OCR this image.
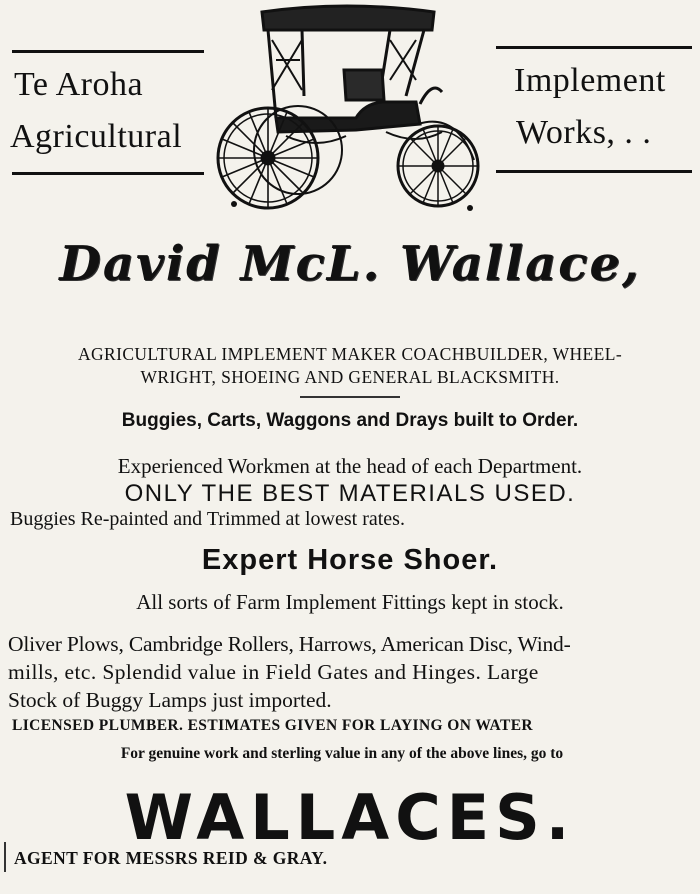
Te Aroha
Agricultural
Implement
Works, . .
David McL. Wallace,
AGRICULTURAL IMPLEMENT MAKER COACHBUILDER, WHEEL-
WRIGHT, SHOEING AND GENERAL BLACKSMITH.
Buggies, Carts, Waggons and Drays built to Order.
Experienced Workmen at the head of each Department.
ONLY THE BEST MATERIALS USED.
Buggies Re-painted and Trimmed at lowest rates.
Expert Horse Shoer.
All sorts of Farm Implement Fittings kept in stock.
Oliver Plows, Cambridge Rollers, Harrows, American Disc, Wind-
mills, etc. Splendid value in Field Gates and Hinges. Large
Stock of Buggy Lamps just imported.
LICENSED PLUMBER. ESTIMATES GIVEN FOR LAYING ON WATER
For genuine work and sterling value in any of the above lines, go to
WALLACES.
AGENT FOR MESSRS REID & GRAY.
